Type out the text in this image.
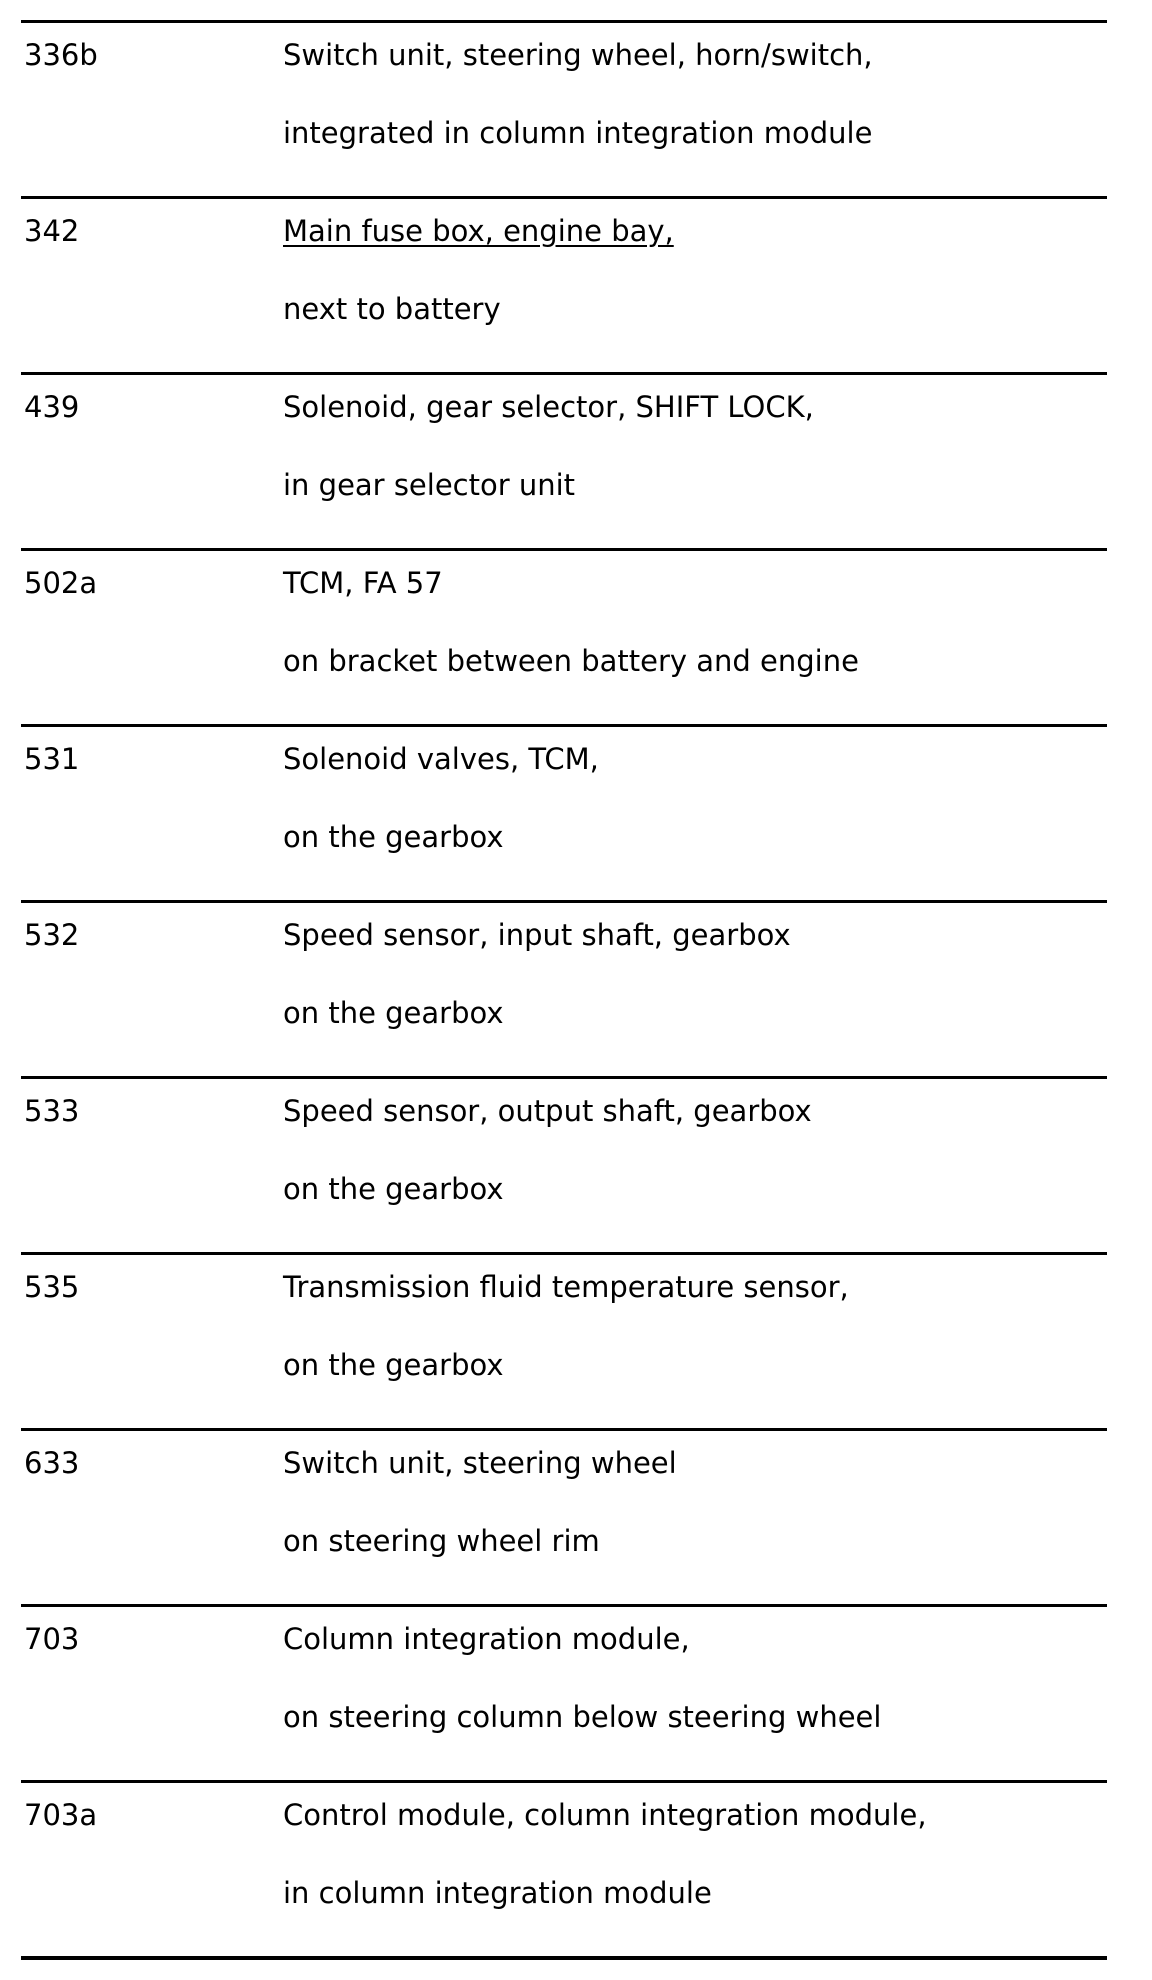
336b	Switch unit, steering wheel, horn/switch,
integrated in column integration module
342	Main fuse box, engine bay,
next to battery
439	Solenoid, gear selector, SHIFT LOCK,
in gear selector unit
502a	TCM, FA 57
on bracket between battery and engine
531	Solenoid valves, TCM,
on the gearbox
532	Speed sensor, input shaft, gearbox
on the gearbox
533	Speed sensor, output shaft, gearbox
on the gearbox
535	Transmission fluid temperature sensor,
on the gearbox
633	Switch unit, steering wheel
on steering wheel rim
703	Column integration module,
on steering column below steering wheel
703a	Control module, column integration module,
in column integration module
